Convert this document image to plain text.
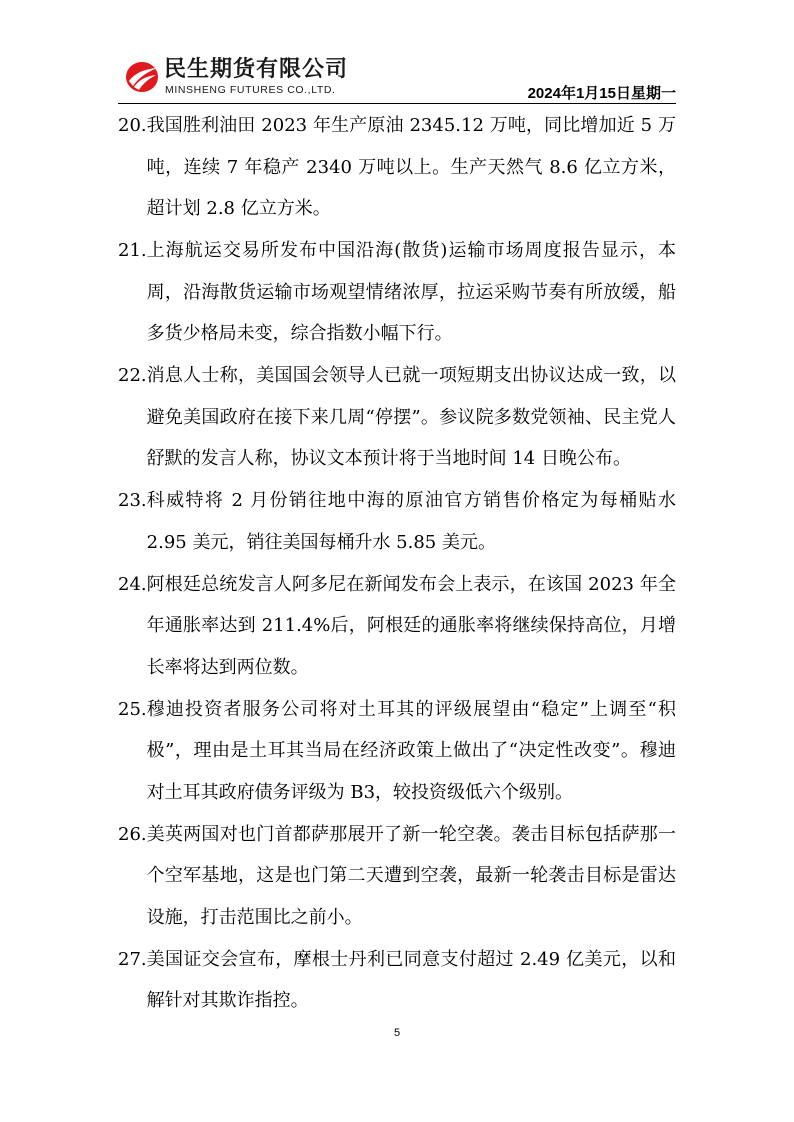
民生期货有限公司
MINSHENG FUTURES CO.,LTD.	2024年1月15日星期一
20. 我国胜利油田 2023 年生产原油 2345.12 万吨，同比增加近 5 万吨，连续 7 年稳产 2340 万吨以上。生产天然气 8.6 亿立方米，超计划 2.8 亿立方米。
21. 上海航运交易所发布中国沿海(散货)运输市场周度报告显示，本周，沿海散货运输市场观望情绪浓厚，拉运采购节奏有所放缓，船多货少格局未变，综合指数小幅下行。
22. 消息人士称，美国国会领导人已就一项短期支出协议达成一致，以避免美国政府在接下来几周“停摆”。参议院多数党领袖、民主党人舒默的发言人称，协议文本预计将于当地时间 14 日晚公布。
23. 科威特将 2 月份销往地中海的原油官方销售价格定为每桶贴水 2.95 美元，销往美国每桶升水 5.85 美元。
24. 阿根廷总统发言人阿多尼在新闻发布会上表示，在该国 2023 年全年通胀率达到 211.4%后，阿根廷的通胀率将继续保持高位，月增长率将达到两位数。
25. 穆迪投资者服务公司将对土耳其的评级展望由“稳定”上调至“积极”，理由是土耳其当局在经济政策上做出了“决定性改变”。穆迪对土耳其政府债务评级为 B3，较投资级低六个级别。
26. 美英两国对也门首都萨那展开了新一轮空袭。袭击目标包括萨那一个空军基地，这是也门第二天遭到空袭，最新一轮袭击目标是雷达设施，打击范围比之前小。
27. 美国证交会宣布，摩根士丹利已同意支付超过 2.49 亿美元，以和解针对其欺诈指控。
5
